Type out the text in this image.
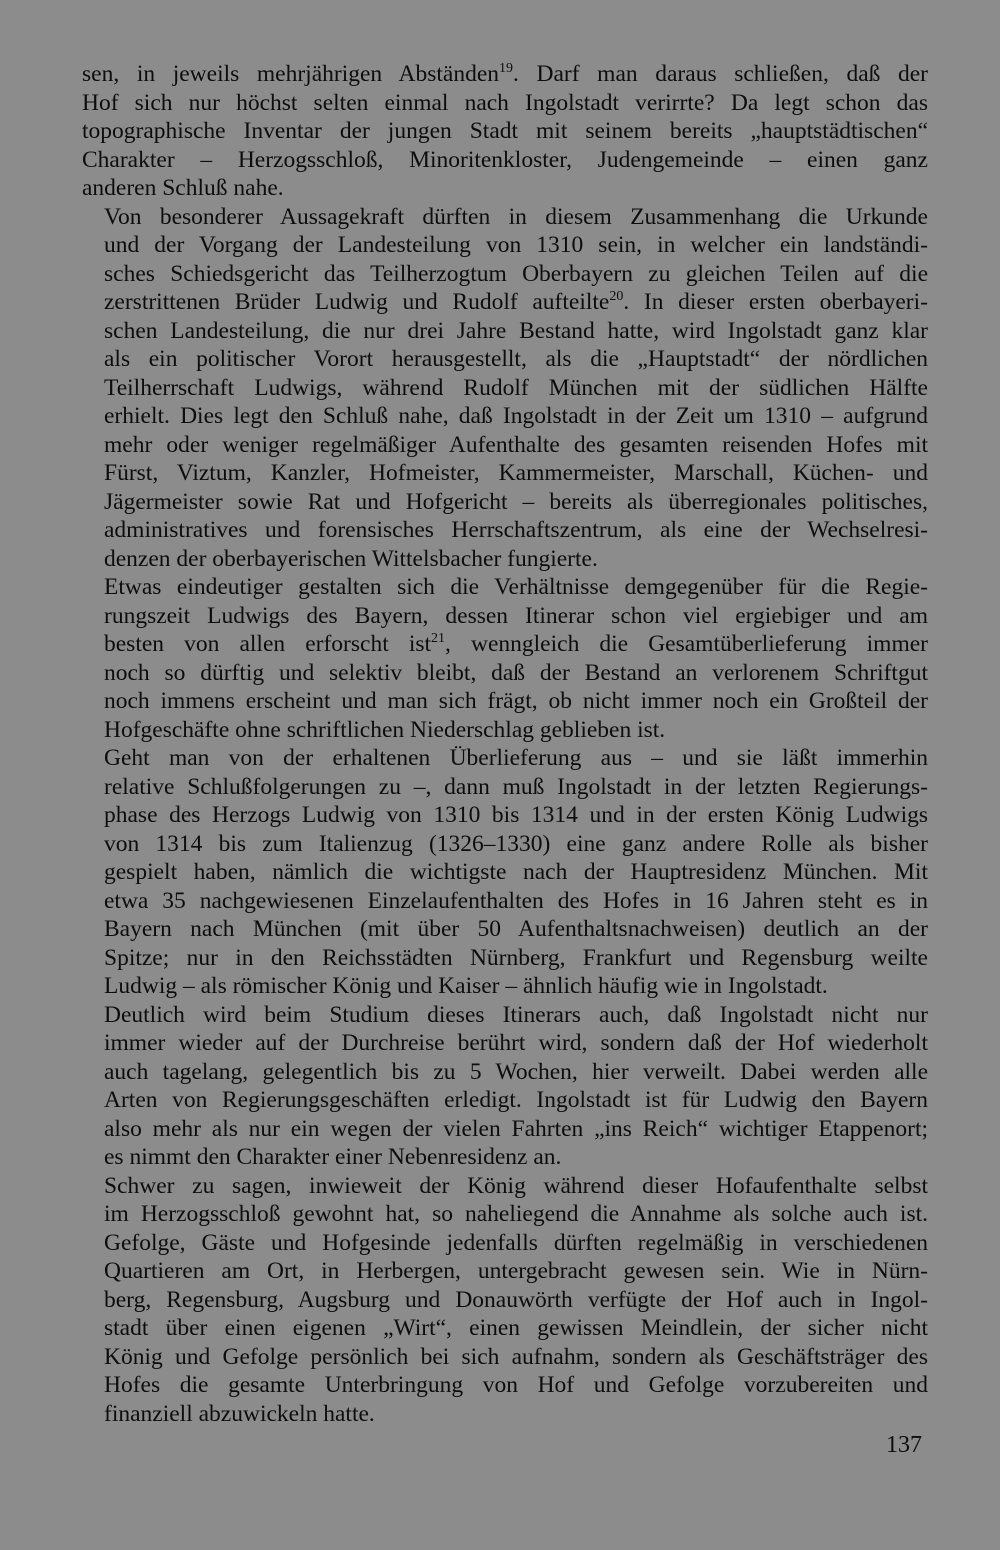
sen, in jeweils mehrjährigen Abständen$^{19}$. Darf man daraus schließen, daß der
Hof sich nur höchst selten einmal nach Ingolstadt verirrte? Da legt schon das
topographische Inventar der jungen Stadt mit seinem bereits „hauptstädtischen“
Charakter – Herzogsschloß, Minoritenkloster, Judengemeinde – einen ganz
anderen Schluß nahe.

Von besonderer Aussagekraft dürften in diesem Zusammenhang die Urkunde
und der Vorgang der Landesteilung von 1310 sein, in welcher ein landständi-
sches Schiedsgericht das Teilherzogtum Oberbayern zu gleichen Teilen auf die
zerstrittenen Brüder Ludwig und Rudolf aufteilte$^{20}$. In dieser ersten oberbayeri-
schen Landesteilung, die nur drei Jahre Bestand hatte, wird Ingolstadt ganz klar
als ein politischer Vorort herausgestellt, als die „Hauptstadt“ der nördlichen
Teilherrschaft Ludwigs, während Rudolf München mit der südlichen Hälfte
erhielt. Dies legt den Schluß nahe, daß Ingolstadt in der Zeit um 1310 – aufgrund
mehr oder weniger regelmäßiger Aufenthalte des gesamten reisenden Hofes mit
Fürst, Viztum, Kanzler, Hofmeister, Kammermeister, Marschall, Küchen- und
Jägermeister sowie Rat und Hofgericht – bereits als überregionales politisches,
administratives und forensisches Herrschaftszentrum, als eine der Wechselresi-
denzen der oberbayerischen Wittelsbacher fungierte.

Etwas eindeutiger gestalten sich die Verhältnisse demgegenüber für die Regie-
rungszeit Ludwigs des Bayern, dessen Itinerar schon viel ergiebiger und am
besten von allen erforscht ist$^{21}$, wenngleich die Gesamtüberlieferung immer
noch so dürftig und selektiv bleibt, daß der Bestand an verlorenem Schriftgut
noch immens erscheint und man sich frägt, ob nicht immer noch ein Großteil der
Hofgeschäfte ohne schriftlichen Niederschlag geblieben ist.

Geht man von der erhaltenen Überlieferung aus – und sie läßt immerhin
relative Schlußfolgerungen zu –, dann muß Ingolstadt in der letzten Regierungs-
phase des Herzogs Ludwig von 1310 bis 1314 und in der ersten König Ludwigs
von 1314 bis zum Italienzug (1326–1330) eine ganz andere Rolle als bisher
gespielt haben, nämlich die wichtigste nach der Hauptresidenz München. Mit
etwa 35 nachgewiesenen Einzelaufenthalten des Hofes in 16 Jahren steht es in
Bayern nach München (mit über 50 Aufenthaltsnachweisen) deutlich an der
Spitze; nur in den Reichsstädten Nürnberg, Frankfurt und Regensburg weilte
Ludwig – als römischer König und Kaiser – ähnlich häufig wie in Ingolstadt.

Deutlich wird beim Studium dieses Itinerars auch, daß Ingolstadt nicht nur
immer wieder auf der Durchreise berührt wird, sondern daß der Hof wiederholt
auch tagelang, gelegentlich bis zu 5 Wochen, hier verweilt. Dabei werden alle
Arten von Regierungsgeschäften erledigt. Ingolstadt ist für Ludwig den Bayern
also mehr als nur ein wegen der vielen Fahrten „ins Reich“ wichtiger Etappenort;
es nimmt den Charakter einer Nebenresidenz an.

Schwer zu sagen, inwieweit der König während dieser Hofaufenthalte selbst
im Herzogsschloß gewohnt hat, so naheliegend die Annahme als solche auch ist.
Gefolge, Gäste und Hofgesinde jedenfalls dürften regelmäßig in verschiedenen
Quartieren am Ort, in Herbergen, untergebracht gewesen sein. Wie in Nürn-
berg, Regensburg, Augsburg und Donauwörth verfügte der Hof auch in Ingol-
stadt über einen eigenen „Wirt“, einen gewissen Meindlein, der sicher nicht
König und Gefolge persönlich bei sich aufnahm, sondern als Geschäftsträger des
Hofes die gesamte Unterbringung von Hof und Gefolge vorzubereiten und
finanziell abzuwickeln hatte.

137
